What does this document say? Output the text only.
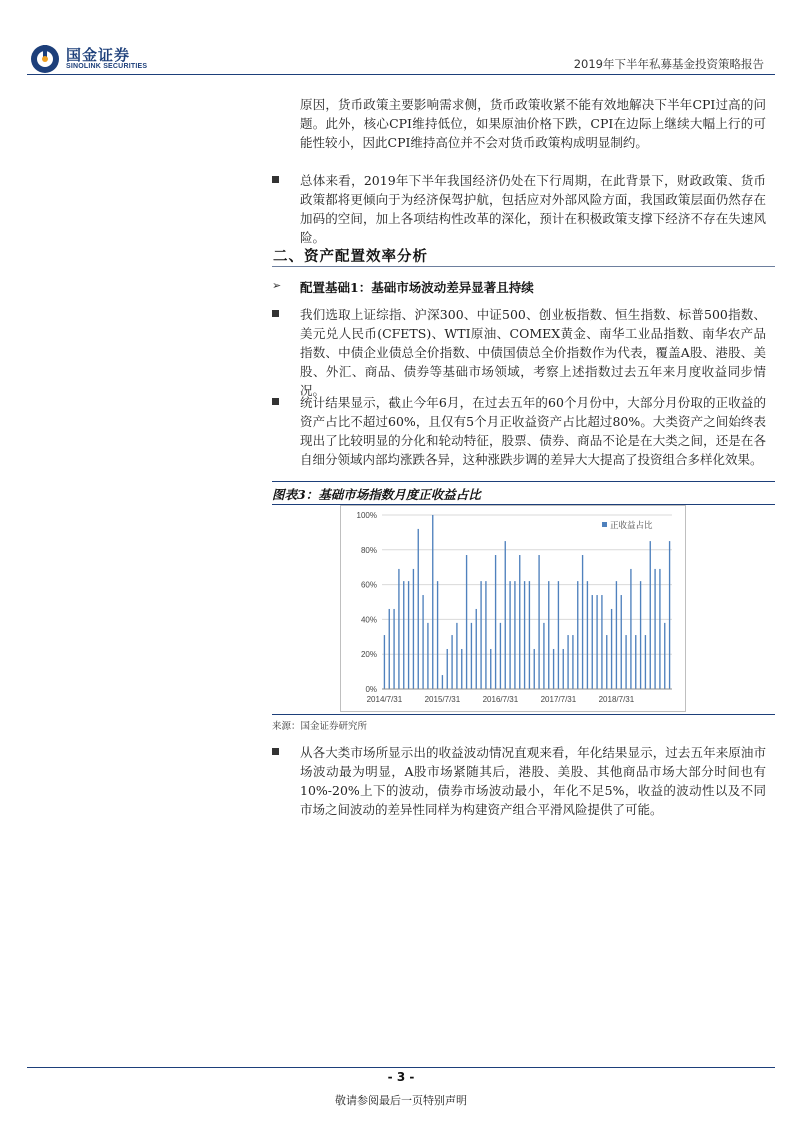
国金证券
SINOLINK SECURITIES	2019年下半年私募基金投资策略报告
原因，货币政策主要影响需求侧，货币政策收紧不能有效地解决下半年CPI过高的问题。此外，核心CPI维持低位，如果原油价格下跌，CPI在边际上继续大幅上行的可能性较小，因此CPI维持高位并不会对货币政策构成明显制约。
总体来看，2019年下半年我国经济仍处在下行周期，在此背景下，财政政策、货币政策都将更倾向于为经济保驾护航，包括应对外部风险方面，我国政策层面仍然存在加码的空间，加上各项结构性改革的深化，预计在积极政策支撑下经济不存在失速风险。
二、资产配置效率分析
➢ 配置基础1：基础市场波动差异显著且持续
我们选取上证综指、沪深300、中证500、创业板指数、恒生指数、标普500指数、美元兑人民币(CFETS)、WTI原油、COMEX黄金、南华工业品指数、南华农产品指数、中债企业债总全价指数、中债国债总全价指数作为代表，覆盖A股、港股、美股、外汇、商品、债券等基础市场领域，考察上述指数过去五年来月度收益同步情况。
统计结果显示，截止今年6月，在过去五年的60个月份中，大部分月份取的正收益的资产占比不超过60%，且仅有5个月正收益资产占比超过80%。大类资产之间始终表现出了比较明显的分化和轮动特征，股票、债券、商品不论是在大类之间，还是在各自细分领域内部均涨跌各异，这种涨跌步调的差异大大提高了投资组合多样化效果。
图表3：基础市场指数月度正收益占比
0%
20%
40%
60%
80%
100%
2014/7/31	2015/7/31	2016/7/31	2017/7/31	2018/7/31
正收益占比
来源：国金证券研究所
从各大类市场所显示出的收益波动情况直观来看，年化结果显示，过去五年来原油市场波动最为明显，A股市场紧随其后，港股、美股、其他商品市场大部分时间也有10%-20%上下的波动，债券市场波动最小，年化不足5%，收益的波动性以及不同市场之间波动的差异性同样为构建资产组合平滑风险提供了可能。
- 3 -
敬请参阅最后一页特别声明
